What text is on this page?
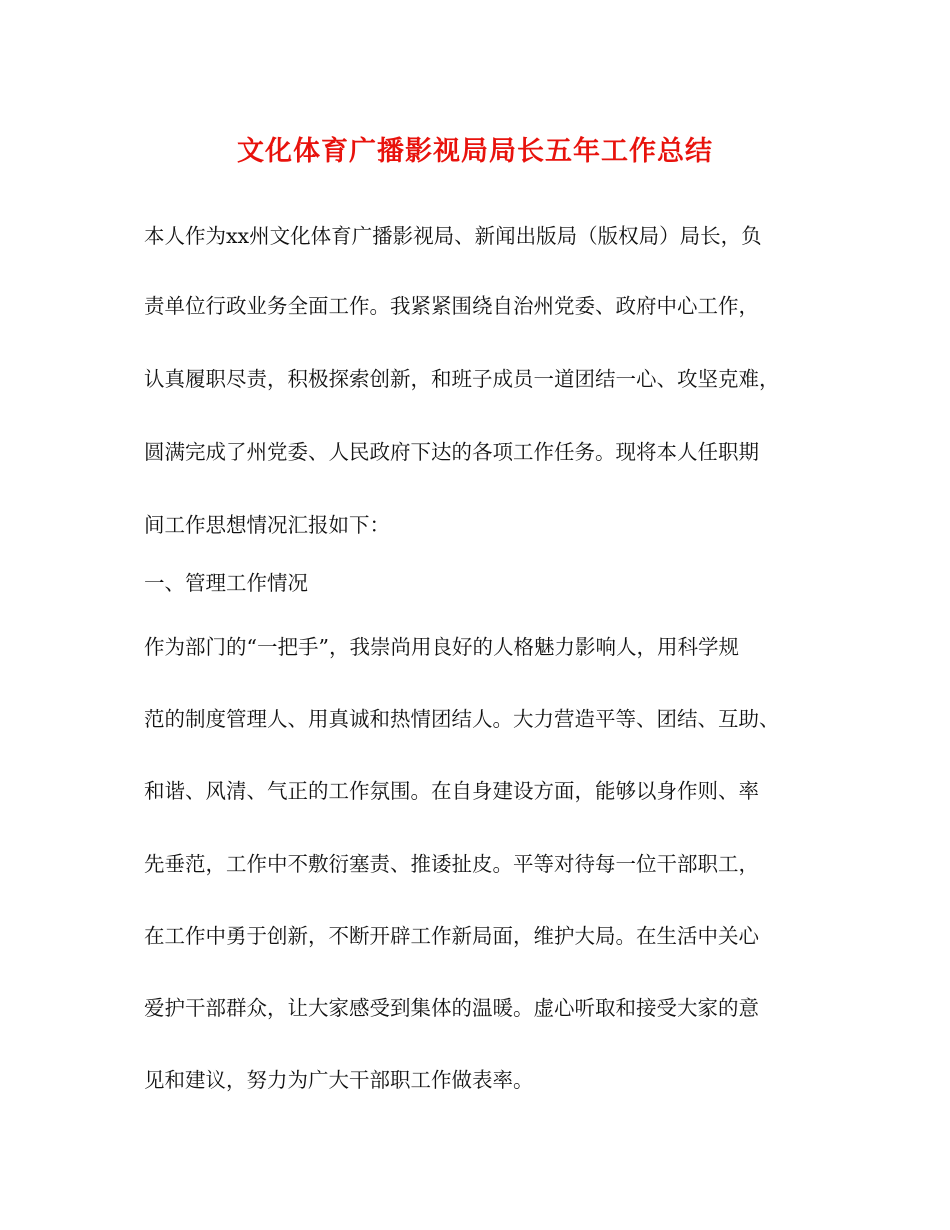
文化体育广播影视局局长五年工作总结
本人作为xx州文化体育广播影视局、新闻出版局（版权局）局长，负
责单位行政业务全面工作。我紧紧围绕自治州党委、政府中心工作，
认真履职尽责，积极探索创新，和班子成员一道团结一心、攻坚克难，
圆满完成了州党委、人民政府下达的各项工作任务。现将本人任职期
间工作思想情况汇报如下：
一、管理工作情况
作为部门的“一把手”，我崇尚用良好的人格魅力影响人，用科学规
范的制度管理人、用真诚和热情团结人。大力营造平等、团结、互助、
和谐、风清、气正的工作氛围。在自身建设方面，能够以身作则、率
先垂范，工作中不敷衍塞责、推诿扯皮。平等对待每一位干部职工，
在工作中勇于创新，不断开辟工作新局面，维护大局。在生活中关心
爱护干部群众，让大家感受到集体的温暖。虚心听取和接受大家的意
见和建议，努力为广大干部职工作做表率。
